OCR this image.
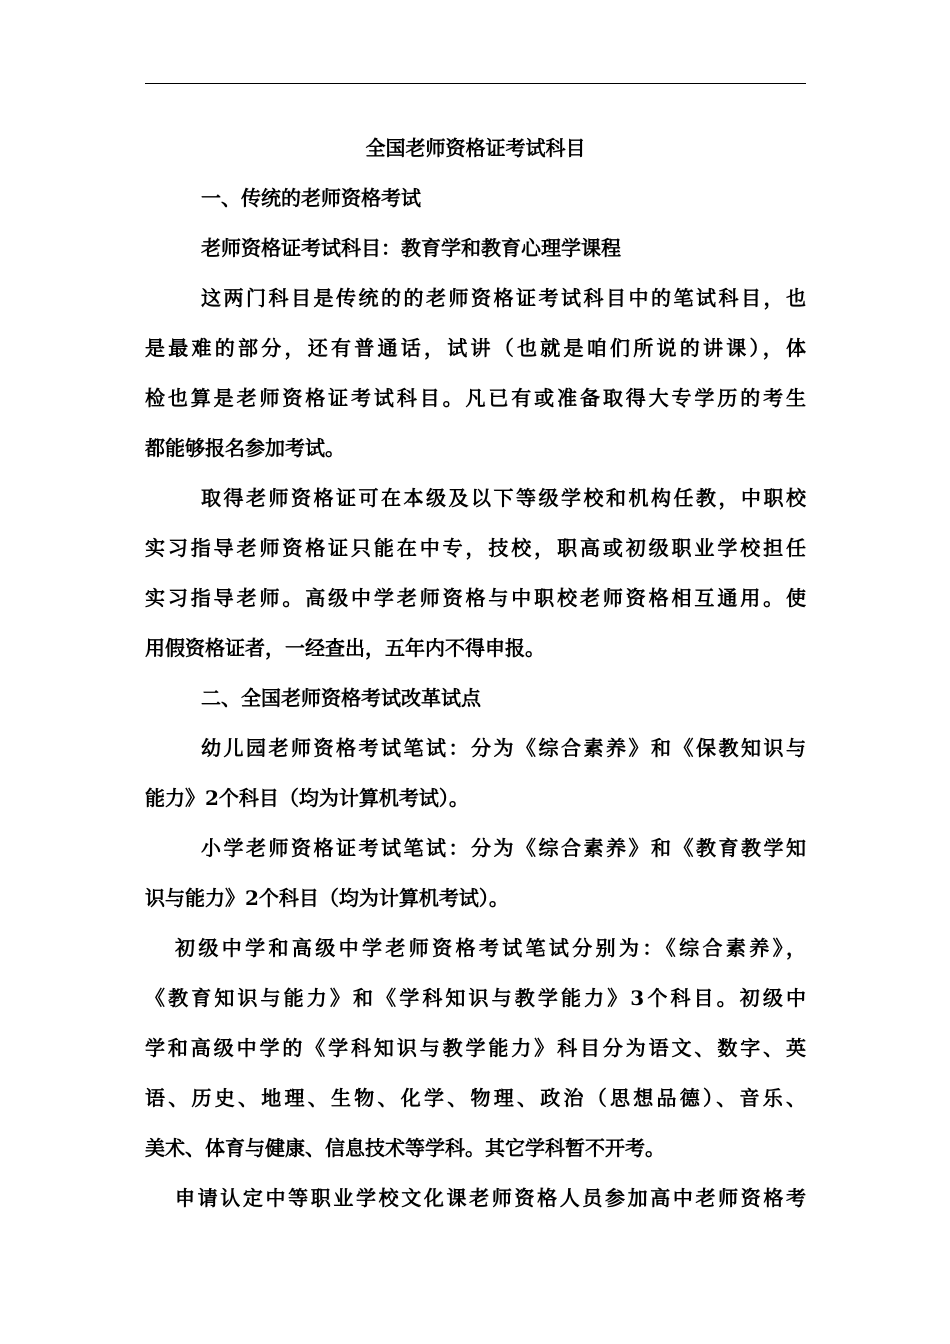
全国老师资格证考试科目
一、传统的老师资格考试
老师资格证考试科目：教育学和教育心理学课程
这两门科目是传统的的老师资格证考试科目中的笔试科目，也
是最难的部分，还有普通话，试讲（也就是咱们所说的讲课），体
检也算是老师资格证考试科目。凡已有或准备取得大专学历的考生
都能够报名参加考试。
取得老师资格证可在本级及以下等级学校和机构任教，中职校
实习指导老师资格证只能在中专，技校，职高或初级职业学校担任
实习指导老师。高级中学老师资格与中职校老师资格相互通用。使
用假资格证者，一经查出，五年内不得申报。
二、全国老师资格考试改革试点
幼儿园老师资格考试笔试：分为《综合素养》和《保教知识与
能力》2个科目（均为计算机考试）。
小学老师资格证考试笔试：分为《综合素养》和《教育教学知
识与能力》2个科目（均为计算机考试）。
初级中学和高级中学老师资格考试笔试分别为：《综合素养》，
《教育知识与能力》和《学科知识与教学能力》3个科目。初级中
学和高级中学的《学科知识与教学能力》科目分为语文、数字、英
语、历史、地理、生物、化学、物理、政治（思想品德）、音乐、
美术、体育与健康、信息技术等学科。其它学科暂不开考。
申请认定中等职业学校文化课老师资格人员参加高中老师资格考
